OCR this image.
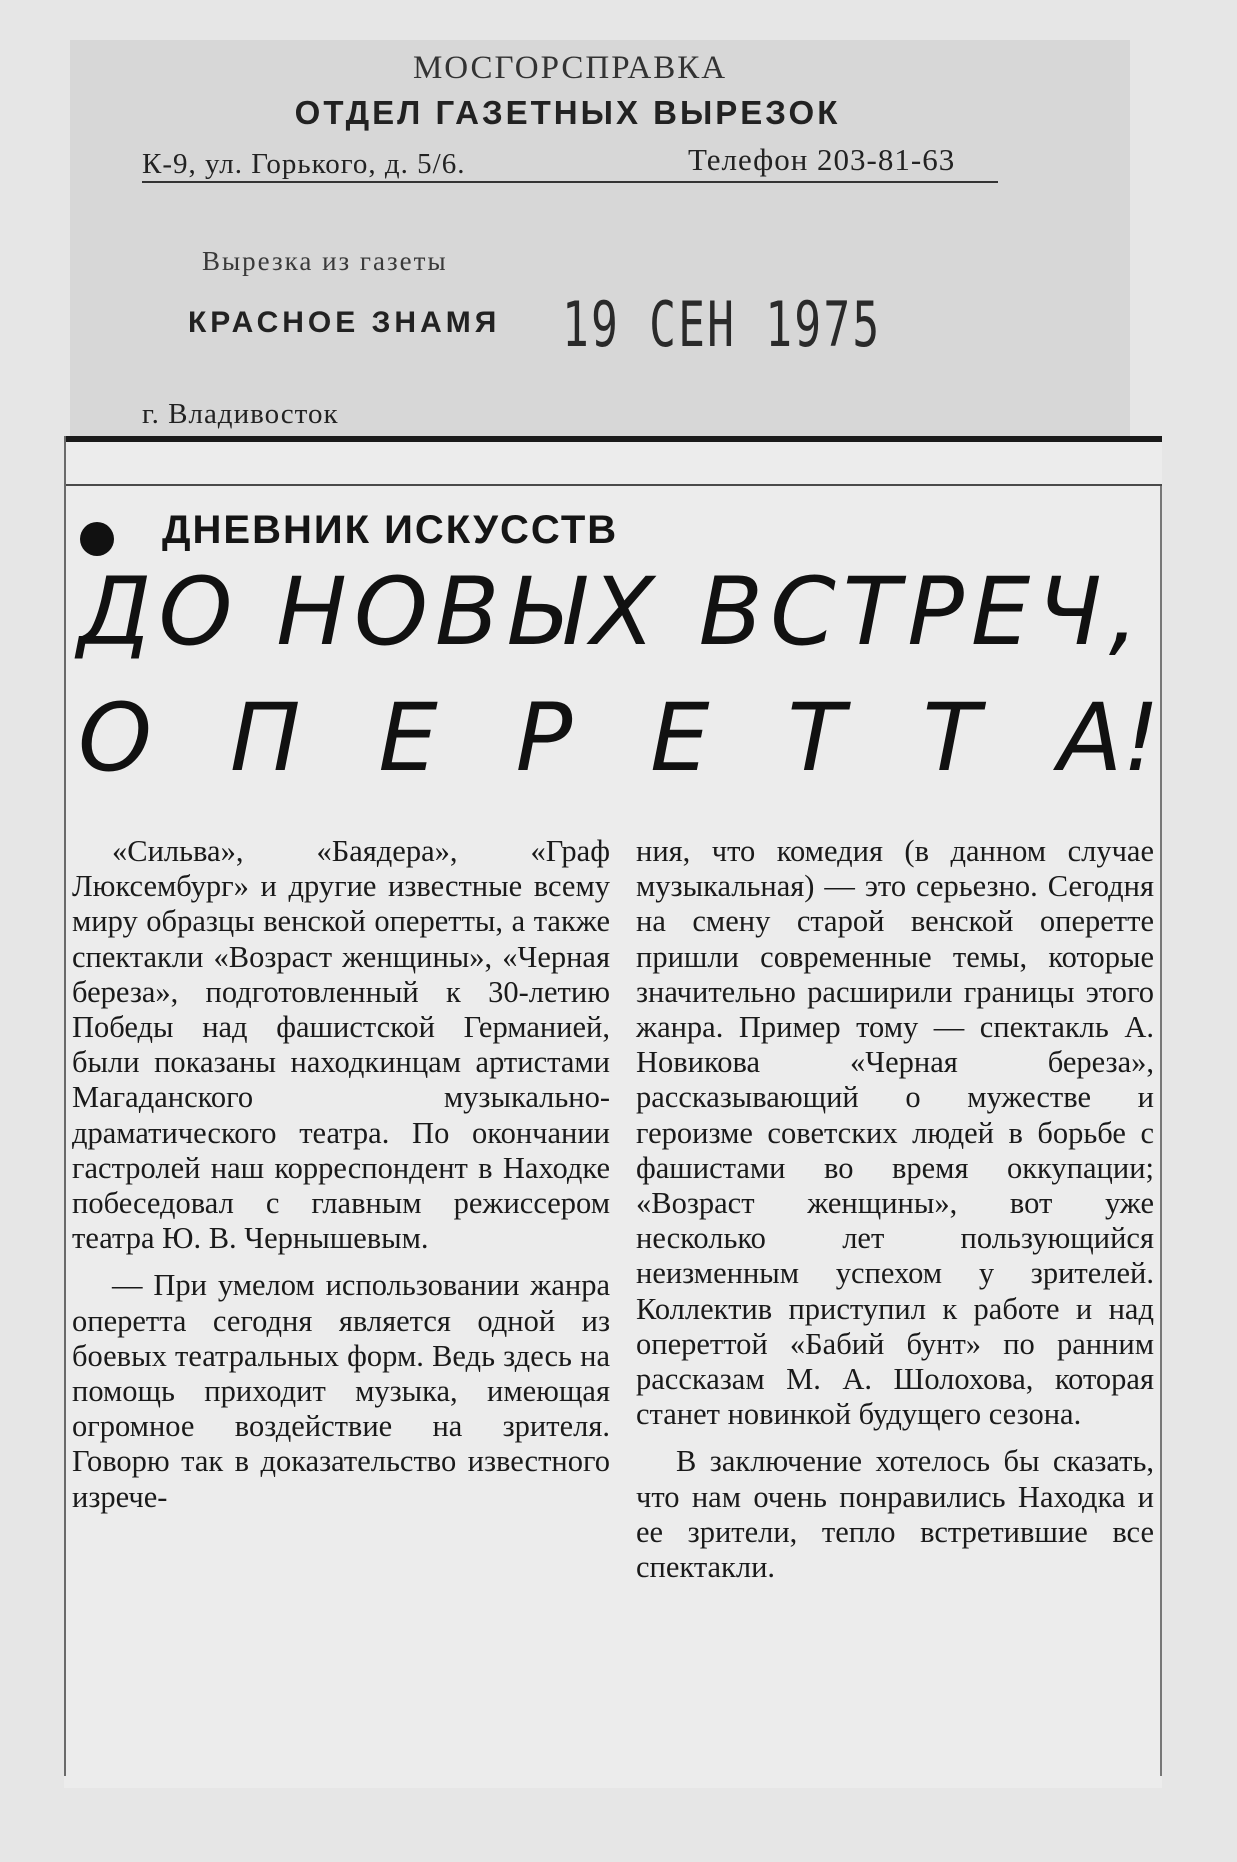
МОСГОРСПРАВКА
ОТДЕЛ ГАЗЕТНЫХ ВЫРЕЗОК
К-9, ул. Горького, д. 5/6.	Телефон 203-81-63
Вырезка из газеты
КРАСНОЕ ЗНАМЯ 19 СЕН 1975
г. Владивосток
ДНЕВНИК ИСКУССТВ
ДО НОВЫХ ВСТРЕЧ,
О П Е Р Е Т Т А!

«Сильва», «Баядера», «Граф Люксембург» и другие известные всему миру образцы венской оперетты, а также спектакли «Возраст женщины», «Черная береза», подготовленный к 30-летию Победы над фашистской Германией, были показаны находкинцам артистами Магаданского музыкально-драматического театра. По окончании гастролей наш корреспондент в Находке побеседовал с главным режиссером театра Ю. В. Чернышевым.

— При умелом использовании жанра оперетта сегодня является одной из боевых театральных форм. Ведь здесь на помощь приходит музыка, имеющая огромное воздействие на зрителя. Говорю так в доказательство известного изрече-

ния, что комедия (в данном случае музыкальная) — это серьезно. Сегодня на смену старой венской оперетте пришли современные темы, которые значительно расширили границы этого жанра. Пример тому — спектакль А. Новикова «Черная береза», рассказывающий о мужестве и героизме советских людей в борьбе с фашистами во время оккупации; «Возраст женщины», вот уже несколько лет пользующийся неизменным успехом у зрителей. Коллектив приступил к работе и над опереттой «Бабий бунт» по ранним рассказам М. А. Шолохова, которая станет новинкой будущего сезона.

В заключение хотелось бы сказать, что нам очень понравились Находка и ее зрители, тепло встретившие все спектакли.
